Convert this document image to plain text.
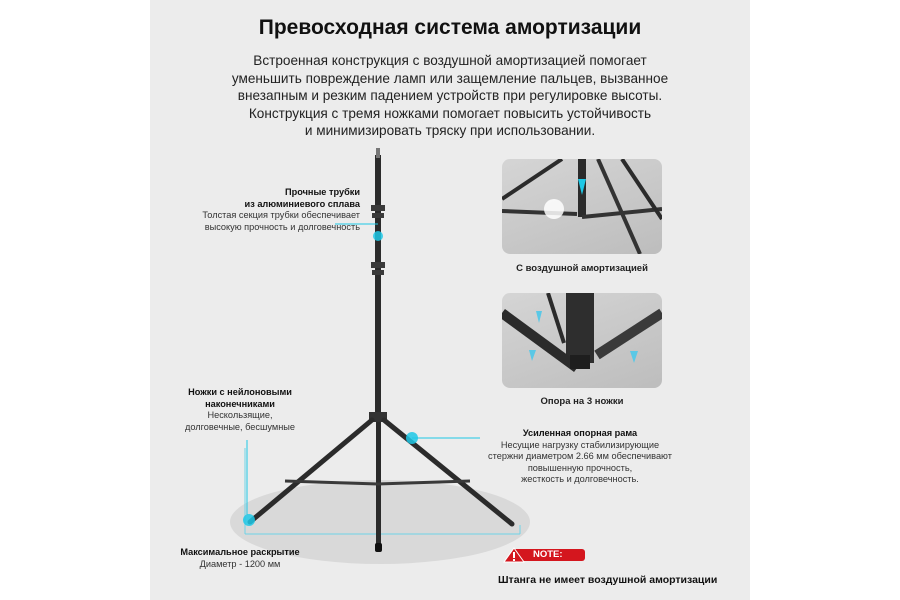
Превосходная система амортизации
Встроенная конструкция с воздушной амортизацией помогает
уменьшить повреждение ламп или защемление пальцев, вызванное
внезапным и резким падением устройств при регулировке высоты.
Конструкция с тремя ножками помогает повысить устойчивость
и минимизировать тряску при использовании.
Прочные трубки
из алюминиевого сплава
Толстая секция трубки обеспечивает
высокую прочность и долговечность
Ножки с нейлоновыми
наконечниками
Нескользящие,
долговечные, бесшумные
Максимальное раскрытие
Диаметр - 1200 мм
Усиленная опорная рама
Несущие нагрузку стабилизирующие
стержни диаметром 2.66 мм обеспечивают
повышенную прочность,
жесткость и долговечность.
С воздушной амортизацией
Опора на 3 ножки
NOTE:
Штанга не имеет воздушной амортизации
